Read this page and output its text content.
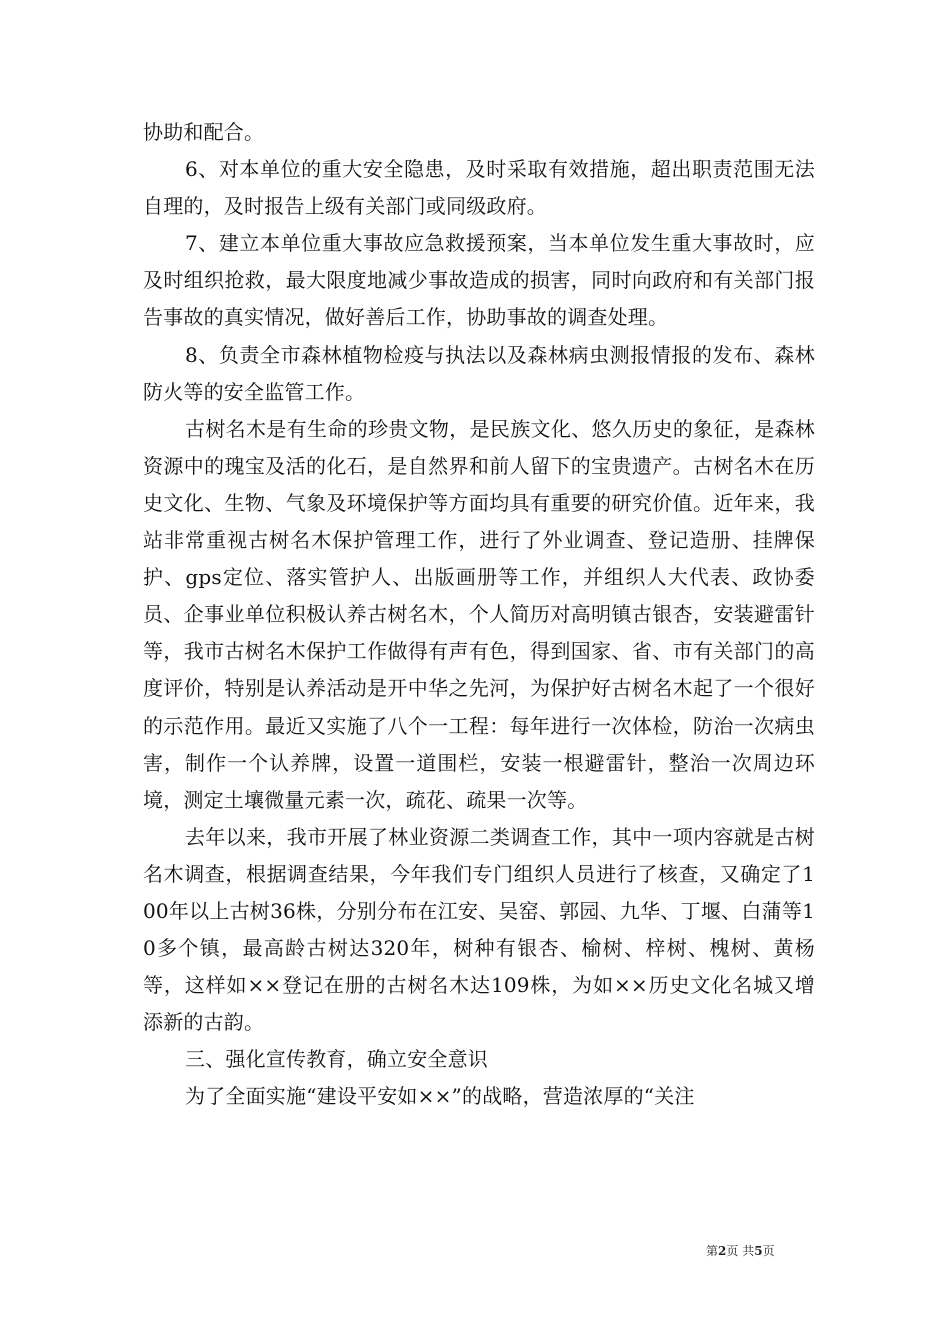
协助和配合。

6、对本单位的重大安全隐患，及时采取有效措施，超出职责范围无法自理的，及时报告上级有关部门或同级政府。

7、建立本单位重大事故应急救援预案，当本单位发生重大事故时，应及时组织抢救，最大限度地减少事故造成的损害，同时向政府和有关部门报告事故的真实情况，做好善后工作，协助事故的调查处理。

8、负责全市森林植物检疫与执法以及森林病虫测报情报的发布、森林防火等的安全监管工作。

古树名木是有生命的珍贵文物，是民族文化、悠久历史的象征，是森林资源中的瑰宝及活的化石，是自然界和前人留下的宝贵遗产。古树名木在历史文化、生物、气象及环境保护等方面均具有重要的研究价值。近年来，我站非常重视古树名木保护管理工作，进行了外业调查、登记造册、挂牌保护、gps定位、落实管护人、出版画册等工作，并组织人大代表、政协委员、企事业单位积极认养古树名木，个人简历对高明镇古银杏，安装避雷针等，我市古树名木保护工作做得有声有色，得到国家、省、市有关部门的高度评价，特别是认养活动是开中华之先河，为保护好古树名木起了一个很好的示范作用。最近又实施了八个一工程：每年进行一次体检，防治一次病虫害，制作一个认养牌，设置一道围栏，安装一根避雷针，整治一次周边环境，测定土壤微量元素一次，疏花、疏果一次等。

去年以来，我市开展了林业资源二类调查工作，其中一项内容就是古树名木调查，根据调查结果，今年我们专门组织人员进行了核查，又确定了100年以上古树36株，分别分布在江安、吴窑、郭园、九华、丁堰、白蒲等10多个镇，最高龄古树达320年，树种有银杏、榆树、梓树、槐树、黄杨等，这样如××登记在册的古树名木达109株，为如××历史文化名城又增添新的古韵。

三、强化宣传教育，确立安全意识

为了全面实施“建设平安如××”的战略，营造浓厚的“关注

第2页 共5页
